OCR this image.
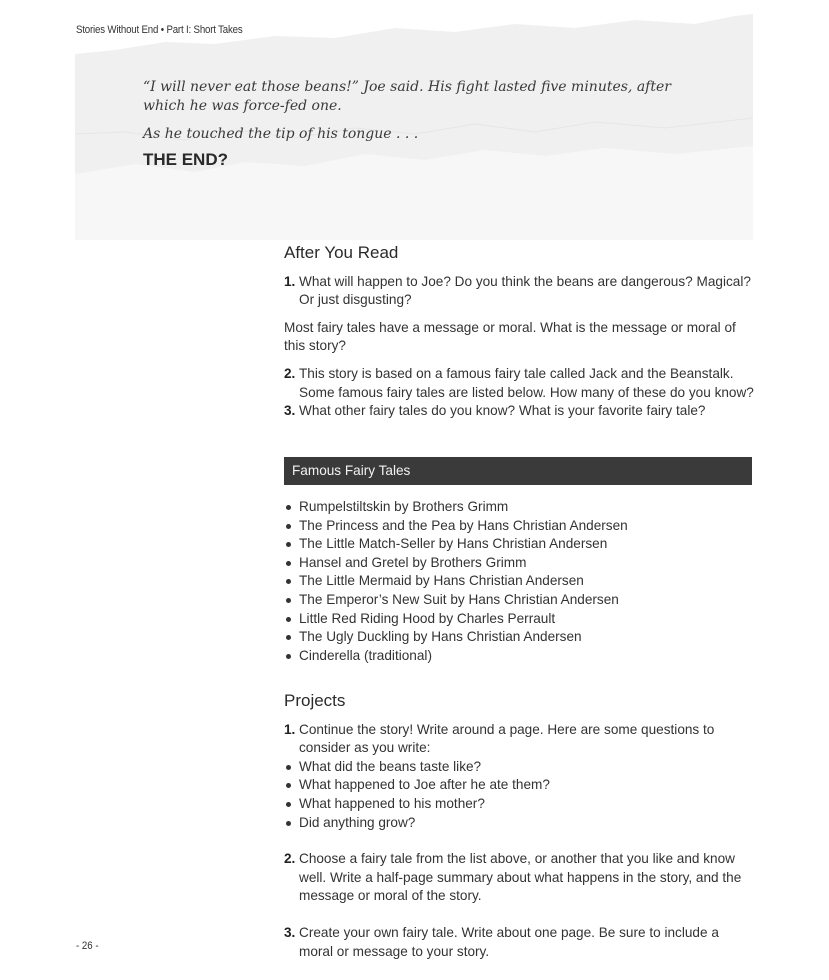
Stories Without End • Part I: Short Takes

“I will never eat those beans!” Joe said. His fight lasted five minutes, after which he was force-fed one.

As he touched the tip of his tongue . . .

THE END?
After You Read
1. What will happen to Joe? Do you think the beans are dangerous? Magical? Or just disgusting?

Most fairy tales have a message or moral. What is the message or moral of this story?

2. This story is based on a famous fairy tale called Jack and the Beanstalk. Some famous fairy tales are listed below. How many of these do you know?
3. What other fairy tales do you know? What is your favorite fairy tale?
Famous Fairy Tales
Rumpelstiltskin by Brothers Grimm
The Princess and the Pea by Hans Christian Andersen
The Little Match-Seller by Hans Christian Andersen
Hansel and Gretel by Brothers Grimm
The Little Mermaid by Hans Christian Andersen
The Emperor’s New Suit by Hans Christian Andersen
Little Red Riding Hood by Charles Perrault
The Ugly Duckling by Hans Christian Andersen
Cinderella (traditional)
Projects
1. Continue the story! Write around a page. Here are some questions to consider as you write:
What did the beans taste like?
What happened to Joe after he ate them?
What happened to his mother?
Did anything grow?
2. Choose a fairy tale from the list above, or another that you like and know well. Write a half-page summary about what happens in the story, and the message or moral of the story.
3. Create your own fairy tale. Write about one page. Be sure to include a moral or message to your story.
- 26 -
